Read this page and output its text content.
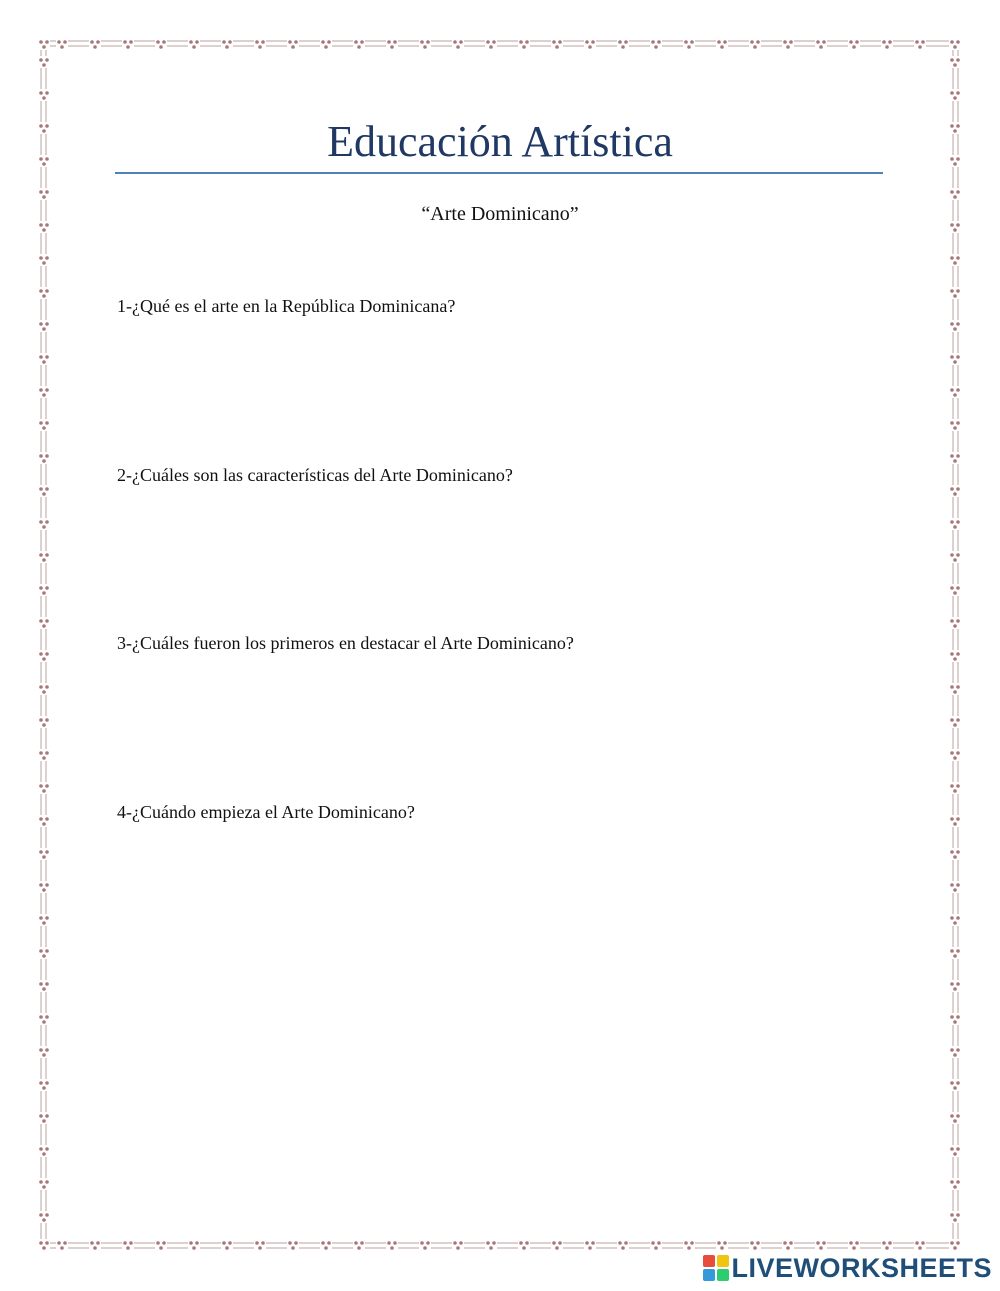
Educación Artística
“Arte Dominicano”
1-¿Qué es el arte en la República Dominicana?
2-¿Cuáles son las características del Arte Dominicano?
3-¿Cuáles fueron los primeros en destacar el Arte Dominicano?
4-¿Cuándo empieza el Arte Dominicano?
LIVEWORKSHEETS
